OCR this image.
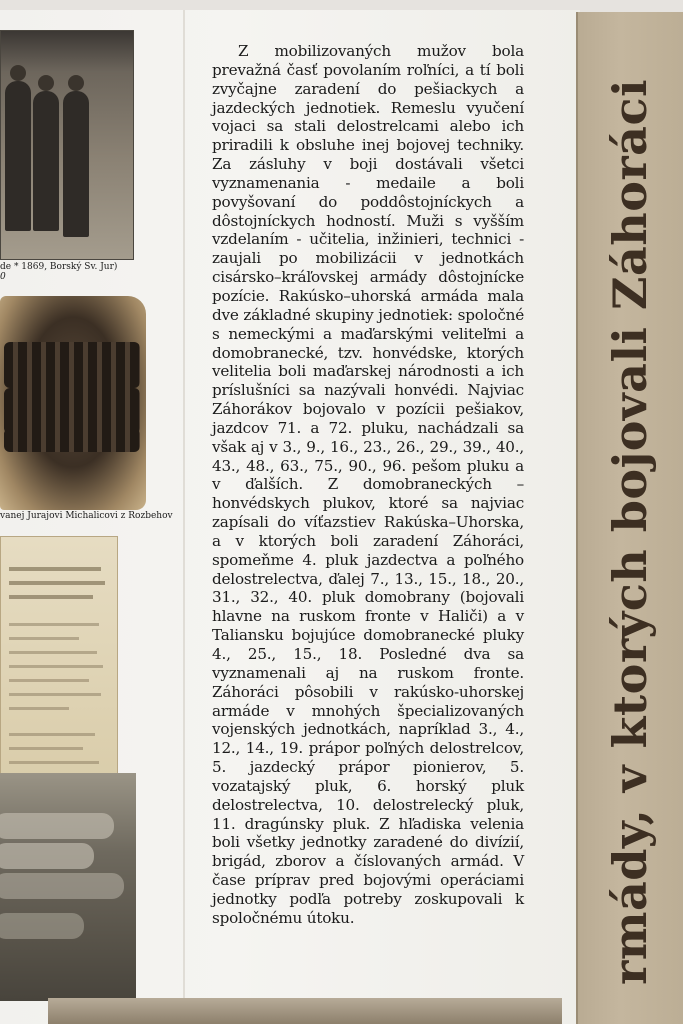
de * 1869, Borský Sv. Jur)
0
vanej Jurajovi Michalicovi z Rozbehov

Z mobilizovaných mužov bola prevažná časť povolaním roľníci, a tí boli zvyčajne zaradení do pešiackych a jazdeckých jednotiek. Remeslu vyučení vojaci sa stali delostrelcami alebo ich priradili k obsluhe inej bojovej techniky. Za zásluhy v boji dostávali všetci vyznamenania - medaile a boli povyšovaní do poddôstojníckych a dôstojníckych hodností. Muži s vyšším vzdelaním - učitelia, inžinieri, technici - zaujali po mobilizácii v jednotkách cisársko–kráľovskej armády dôstojnícke pozície. Rakúsko–uhorská armáda mala dve základné skupiny jednotiek: spoločné s nemeckými a maďarskými veliteľmi a domobranecké, tzv. honvédske, ktorých velitelia boli maďarskej národnosti a ich príslušníci sa nazývali honvédi. Najviac Záhorákov bojovalo v pozícii pešiakov, jazdcov 71. a 72. pluku, nachádzali sa však aj v 3., 9., 16., 23., 26., 29., 39., 40., 43., 48., 63., 75., 90., 96. pešom pluku a v ďalších. Z domobraneckých – honvédskych plukov, ktoré sa najviac zapísali do víťazstiev Rakúska–Uhorska, a v ktorých boli zaradení Záhoráci, spomeňme 4. pluk jazdectva a poľného delostrelectva, ďalej 7., 13., 15., 18., 20., 31., 32., 40. pluk domobrany (bojovali hlavne na ruskom fronte v Haliči) a v Taliansku bojujúce domobranecké pluky 4., 25., 15., 18. Posledné dva sa vyznamenali aj na ruskom fronte. Záhoráci pôsobili v rakúsko-uhorskej armáde v mnohých špecializovaných vojenských jednotkách, napríklad 3., 4., 12., 14., 19. prápor poľných delostrelcov, 5. jazdecký prápor pionierov, 5. vozatajský pluk, 6. horský pluk delostrelectva, 10. delostrelecký pluk, 11. dragúnsky pluk. Z hľadiska velenia boli všetky jednotky zaradené do divízií, brigád, zborov a číslovaných armád. V čase príprav pred bojovými operáciami jednotky podľa potreby zoskupovali k spoločnému útoku.	rmády, v ktorých bojovali Záhoráci
